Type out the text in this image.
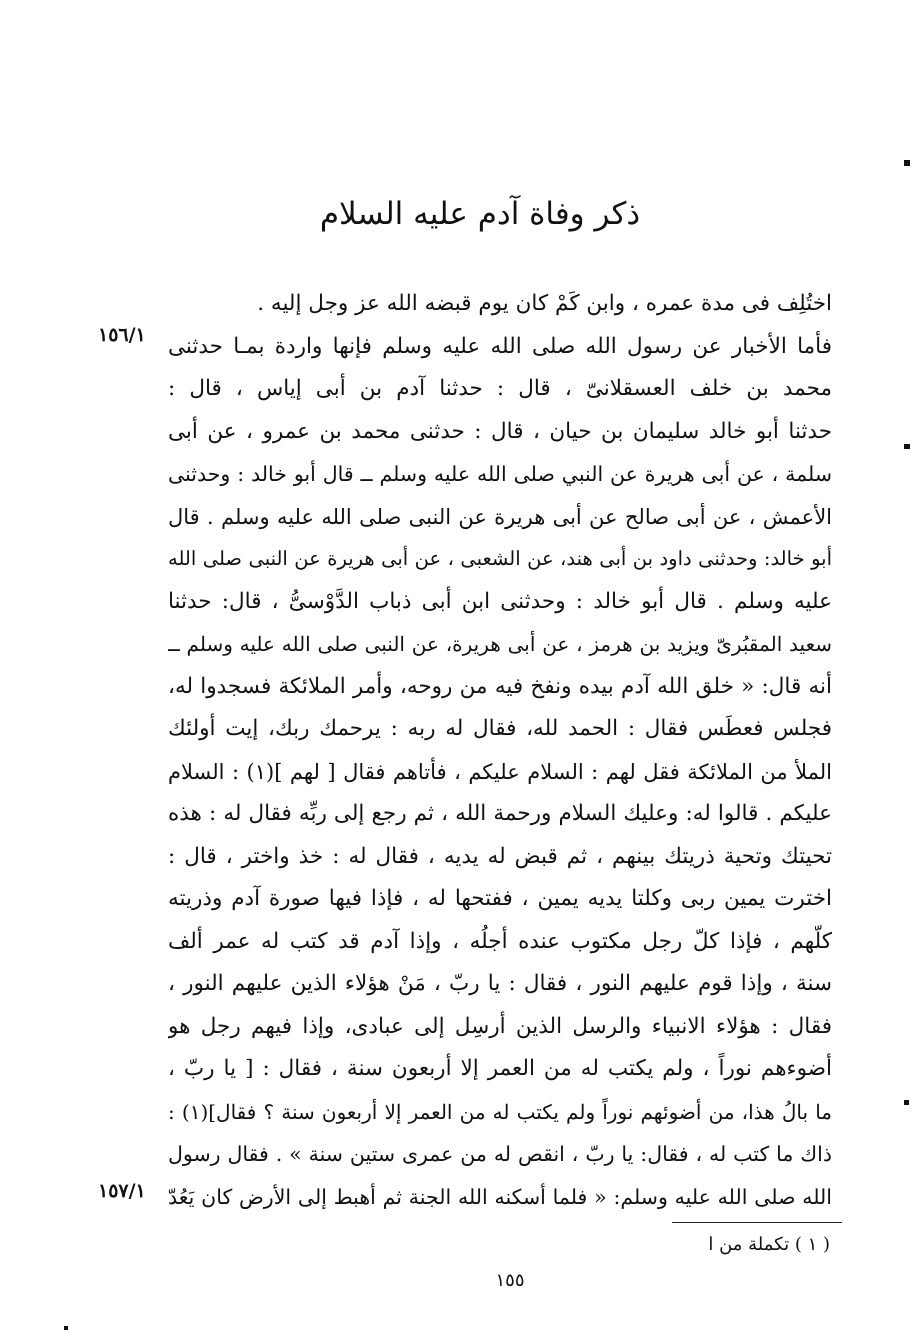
ذكر وفاة آدم عليه السلام
اختُلِف فى مدة عمره ، وابن كَمْ كان يوم قبضه الله عز وجل إليه .
فأما الأخبار عن رسول الله صلى الله عليه وسلم فإنها واردة بمـا حدثنى
محمد بن خلف العسقلانىّ ، قال : حدثنا آدم بن أبى إياس ، قال :
حدثنا أبو خالد سليمان بن حيان ، قال : حدثنى محمد بن عمرو ، عن أبى
سلمة ، عن أبى هريرة عن النبي صلى الله عليه وسلم ــ قال أبو خالد : وحدثنى
الأعمش ، عن أبى صالح عن أبى هريرة عن النبى صلى الله عليه وسلم . قال
أبو خالد: وحدثنى داود بن أبى هند، عن الشعبى ، عن أبى هريرة عن النبى صلى الله
عليه وسلم . قال أبو خالد : وحدثنى ابن أبى ذباب الدَّوْسىُّ ، قال: حدثنا
سعيد المقبُرىّ ويزيد بن هرمز ، عن أبى هريرة، عن النبى صلى الله عليه وسلم ــ
أنه قال: « خلق الله آدم بيده ونفخ فيه من روحه، وأمر الملائكة فسجدوا له،
فجلس فعطَس فقال : الحمد لله، فقال له ربه : يرحمك ربك، إيت أولئك
الملأ من الملائكة فقل لهم : السلام عليكم ، فأتاهم فقال [ لهم ](١) : السلام
عليكم . قالوا له: وعليك السلام ورحمة الله ، ثم رجع إلى ربِّه فقال له : هذه
تحيتك وتحية ذريتك بينهم ، ثم قبض له يديه ، فقال له : خذ واختر ، قال :
اخترت يمين ربى وكلتا يديه يمين ، ففتحها له ، فإذا فيها صورة آدم وذريته
كلّهم ، فإذا كلّ رجل مكتوب عنده أجلُه ، وإذا آدم قد كتب له عمر ألف
سنة ، وإذا قوم عليهم النور ، فقال : يا ربّ ، مَنْ هؤلاء الذين عليهم النور ،
فقال : هؤلاء الانبياء والرسل الذين أرسِل إلى عبادى، وإذا فيهم رجل هو
أضوءهم نوراً ، ولم يكتب له من العمر إلا أربعون سنة ، فقال : [ يا ربّ ،
ما بالُ هذا، من أضوئهم نوراً ولم يكتب له من العمر إلا أربعون سنة ؟ فقال](١) :
ذاك ما كتب له ، فقال: يا ربّ ، انقص له من عمرى ستين سنة » . فقال رسول
الله صلى الله عليه وسلم: « فلما أسكنه الله الجنة ثم أهبط إلى الأرض كان يَعُدّ
١٥٦/١
١٥٧/١
( ١ ) تكملة من ا
١٥٥
